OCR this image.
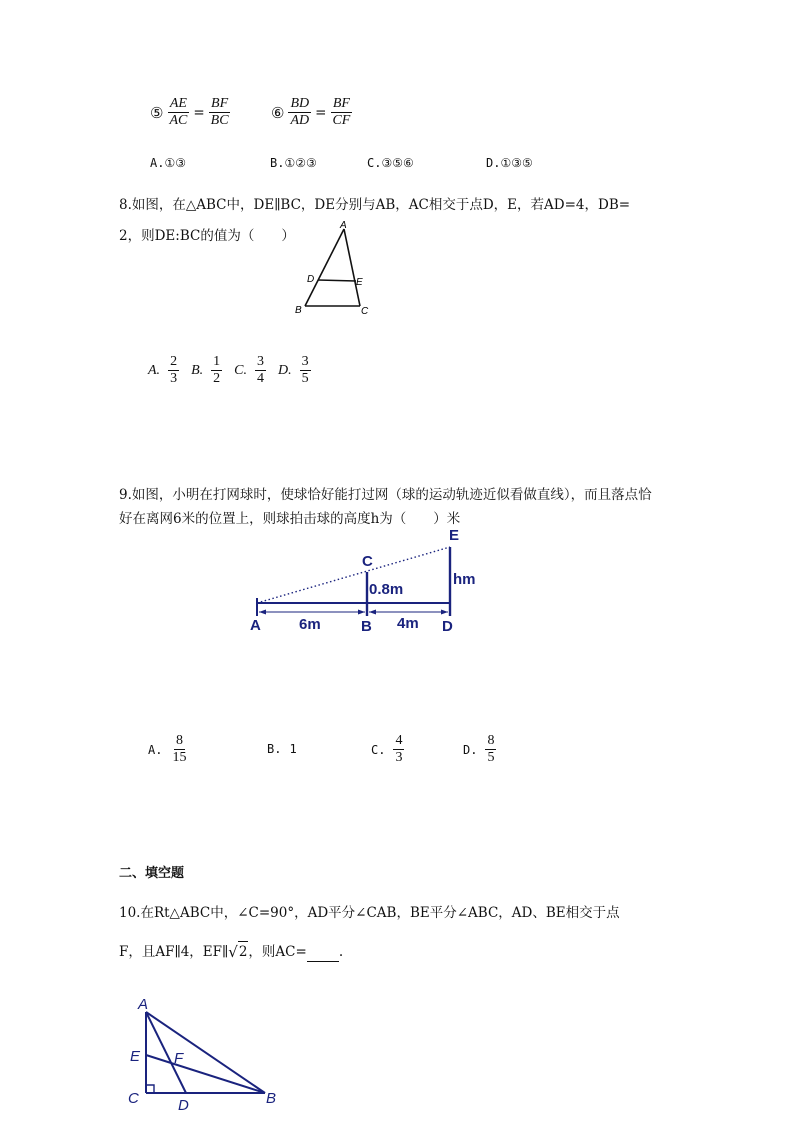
⑤ $\frac{AE}{AC} = \frac{BF}{BC}$	⑥ $\frac{BD}{AD} = \frac{BF}{CF}$
A.①③	B.①②③	C.③⑤⑥	D.①③⑤
8.如图，在△ABC中，DE∥BC，DE分别与AB，AC相交于点D，E，若AD=4，DB=
2，则DE:BC的值为（　　）
A
D	E
B	C
A. $\frac{2}{3} B$. $\frac{1}{2} C$. $\frac{3}{4} D$. $\frac{3}{5}$
9.如图，小明在打网球时，使球恰好能打过网（球的运动轨迹近似看做直线），而且落点恰
好在离网6米的位置上，则球拍击球的高度h为（　　）米
A	6m	B 4m D
C
0.8m
E
hm
A. $\frac{8}{15}$	B. 1	C. $\frac{4}{3}$	D. $\frac{8}{5}$
二、填空题
10.在Rt△ABC中，∠C=90°，AD平分∠CAB，BE平分∠ABC，AD、BE相交于点
F，且AF∥4，EF∥ √ 2 ，则AC= .
A
E F
C	D	B
